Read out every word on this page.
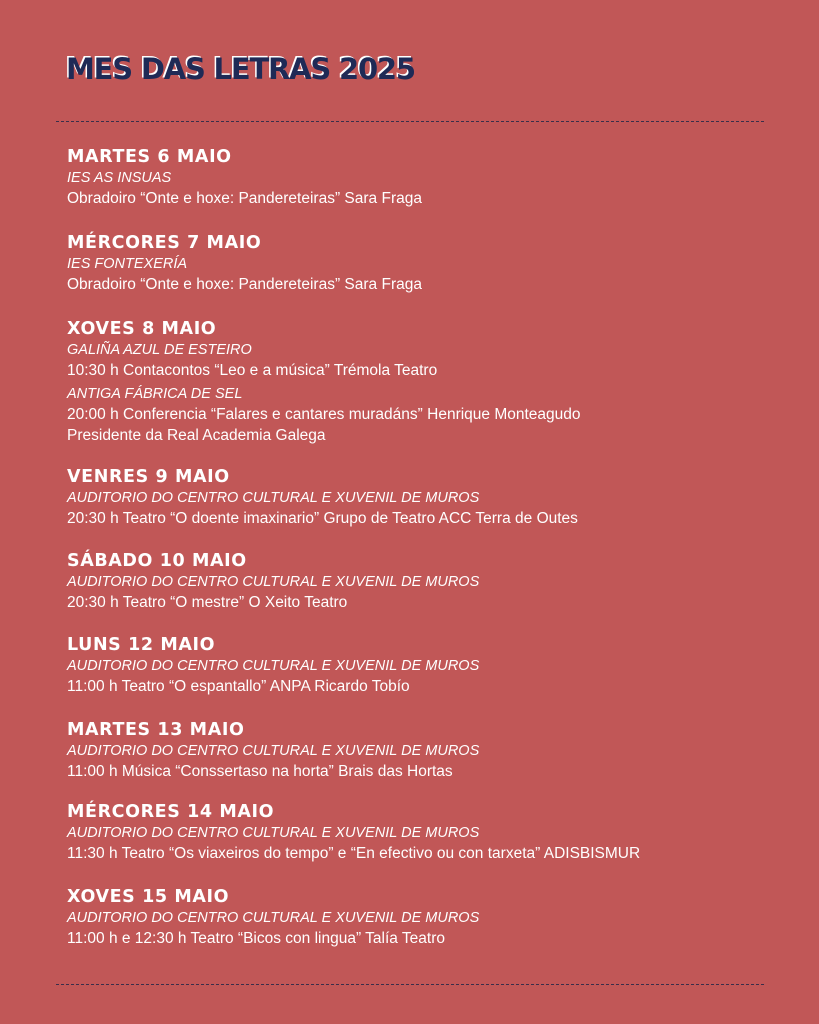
MES DAS LETRAS 2025
MARTES 6 MAIO
IES AS INSUAS
Obradoiro “Onte e hoxe: Pandereteiras” Sara Fraga
MÉRCORES 7 MAIO
IES FONTEXERÍA
Obradoiro “Onte e hoxe: Pandereteiras” Sara Fraga
XOVES 8 MAIO
GALIÑA AZUL DE ESTEIRO
10:30 h Contacontos “Leo e a música” Trémola Teatro
ANTIGA FÁBRICA DE SEL
20:00 h Conferencia “Falares e cantares muradáns” Henrique Monteagudo
Presidente da Real Academia Galega
VENRES 9 MAIO
AUDITORIO DO CENTRO CULTURAL E XUVENIL DE MUROS
20:30 h Teatro “O doente imaxinario” Grupo de Teatro ACC Terra de Outes
SÁBADO 10 MAIO
AUDITORIO DO CENTRO CULTURAL E XUVENIL DE MUROS
20:30 h Teatro “O mestre” O Xeito Teatro
LUNS 12 MAIO
AUDITORIO DO CENTRO CULTURAL E XUVENIL DE MUROS
11:00 h Teatro “O espantallo” ANPA Ricardo Tobío
MARTES 13 MAIO
AUDITORIO DO CENTRO CULTURAL E XUVENIL DE MUROS
11:00 h Música “Conssertaso na horta” Brais das Hortas
MÉRCORES 14 MAIO
AUDITORIO DO CENTRO CULTURAL E XUVENIL DE MUROS
11:30 h Teatro “Os viaxeiros do tempo” e “En efectivo ou con tarxeta” ADISBISMUR
XOVES 15 MAIO
AUDITORIO DO CENTRO CULTURAL E XUVENIL DE MUROS
11:00 h e 12:30 h Teatro “Bicos con lingua” Talía Teatro
